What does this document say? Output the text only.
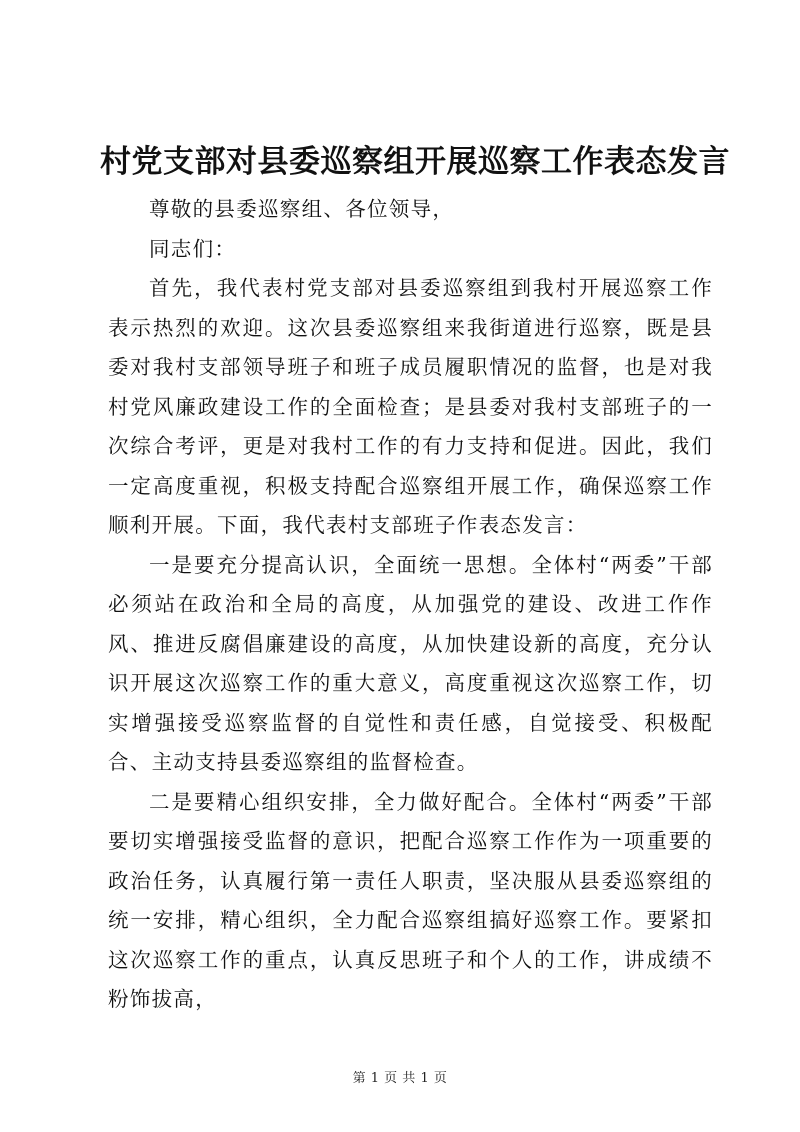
村党支部对县委巡察组开展巡察工作表态发言

尊敬的县委巡察组、各位领导，

同志们：

首先，我代表村党支部对县委巡察组到我村开展巡察工作表示热烈的欢迎。这次县委巡察组来我街道进行巡察，既是县委对我村支部领导班子和班子成员履职情况的监督，也是对我村党风廉政建设工作的全面检查；是县委对我村支部班子的一次综合考评，更是对我村工作的有力支持和促进。因此，我们一定高度重视，积极支持配合巡察组开展工作，确保巡察工作顺利开展。下面，我代表村支部班子作表态发言：

一是要充分提高认识，全面统一思想。全体村“两委”干部必须站在政治和全局的高度，从加强党的建设、改进工作作风、推进反腐倡廉建设的高度，从加快建设新的高度，充分认识开展这次巡察工作的重大意义，高度重视这次巡察工作，切实增强接受巡察监督的自觉性和责任感，自觉接受、积极配合、主动支持县委巡察组的监督检查。

二是要精心组织安排，全力做好配合。全体村“两委”干部要切实增强接受监督的意识，把配合巡察工作作为一项重要的政治任务，认真履行第一责任人职责，坚决服从县委巡察组的统一安排，精心组织，全力配合巡察组搞好巡察工作。要紧扣这次巡察工作的重点，认真反思班子和个人的工作，讲成绩不粉饰拔高，

第 1 页 共 1 页
